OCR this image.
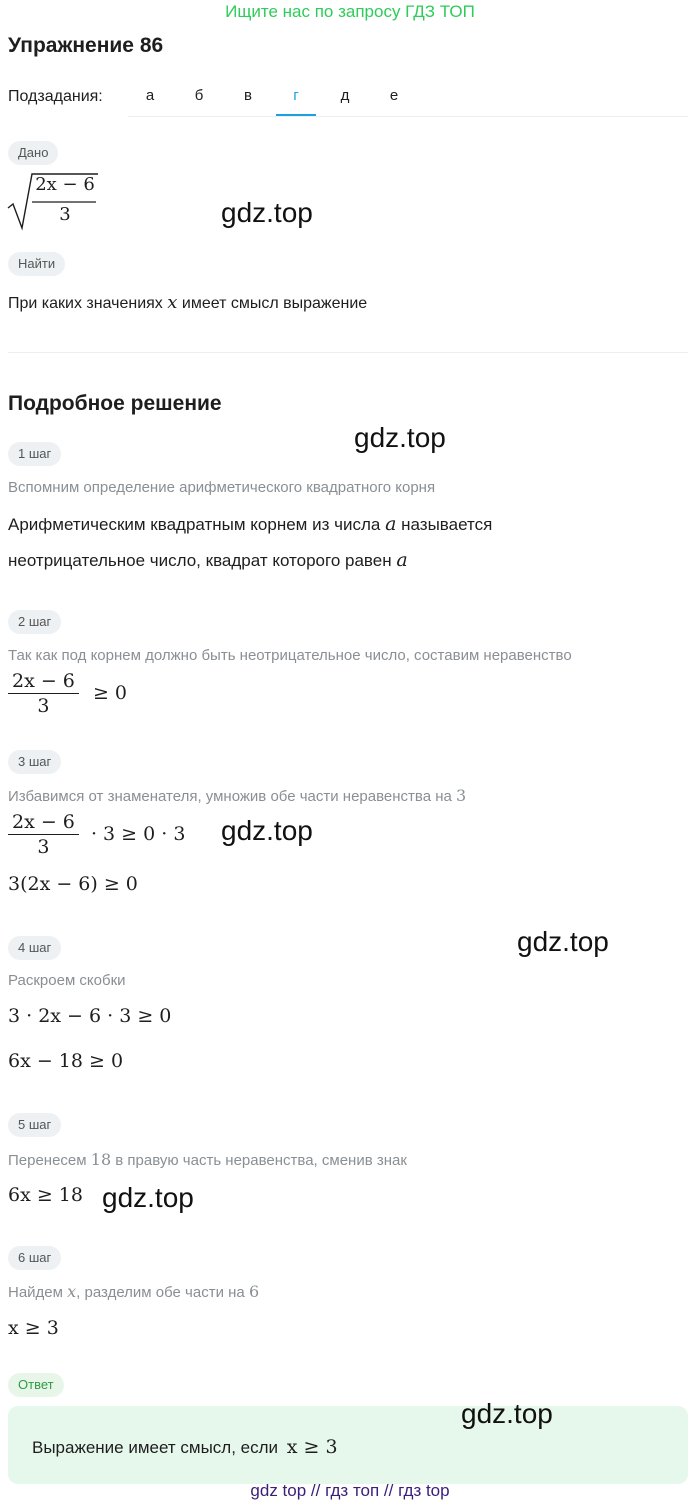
Ищите нас по запросу ГДЗ ТОП
Упражнение 86
Подзадания:	а	б	в	г	д	е
Дано
2x − 6
3	gdz.top
Найти
При каких значениях x имеет смысл выражение
Подробное решение
gdz.top
1 шаг
Вспомним определение арифметического квадратного корня
Арифметическим квадратным корнем из числа a называется
неотрицательное число, квадрат которого равен a
2 шаг
Так как под корнем должно быть неотрицательное число, составим неравенство
$\frac{2x - 6}{3} \ge 0$
3 шаг
Избавимся от знаменателя, умножив обе части неравенства на 3
$\frac{2x - 6}{3} \cdot 3 \ge 0 \cdot 3$ gdz.top
3(2x − 6) ≥ 0
4 шаг	gdz.top
Раскроем скобки
3 · 2x − 6 · 3 ≥ 0
6x − 18 ≥ 0
5 шаг
Перенесем 18 в правую часть неравенства, сменив знак
6x ≥ 18 gdz.top
6 шаг
Найдем x, разделим обе части на 6
x ≥ 3
Ответ
gdz.top
Выражение имеет смысл, если x ≥ 3
gdz top // гдз топ // гдз top
